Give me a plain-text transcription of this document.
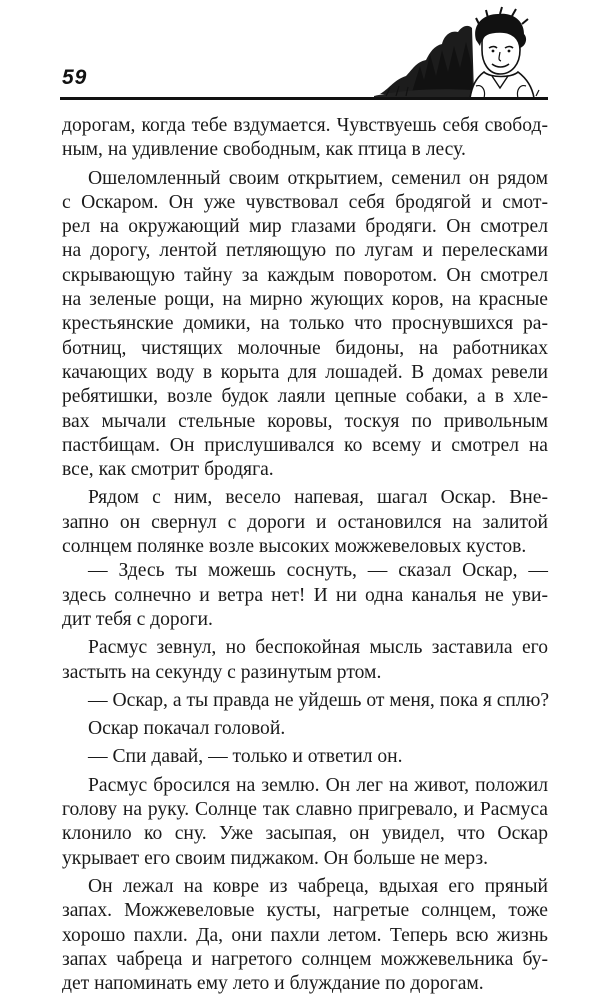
59
дорогам, когда тебе вздумается. Чувствуешь себя свобод-
ным, на удивление свободным, как птица в лесу.
Ошеломленный своим открытием, семенил он рядом
с Оскаром. Он уже чувствовал себя бродягой и смот-
рел на окружающий мир глазами бродяги. Он смотрел
на дорогу, лентой петляющую по лугам и перелесками
скрывающую тайну за каждым поворотом. Он смотрел
на зеленые рощи, на мирно жующих коров, на красные
крестьянские домики, на только что проснувшихся ра-
ботниц, чистящих молочные бидоны, на работниках
качающих воду в корыта для лошадей. В домах ревели
ребятишки, возле будок лаяли цепные собаки, а в хле-
вах мычали стельные коровы, тоскуя по привольным
пастбищам. Он прислушивался ко всему и смотрел на
все, как смотрит бродяга.
Рядом с ним, весело напевая, шагал Оскар. Вне-
запно он свернул с дороги и остановился на залитой
солнцем полянке возле высоких можжевеловых кустов.
— Здесь ты можешь соснуть, — сказал Оскар, —
здесь солнечно и ветра нет! И ни одна каналья не уви-
дит тебя с дороги.
Расмус зевнул, но беспокойная мысль заставила его
застыть на секунду с разинутым ртом.
— Оскар, а ты правда не уйдешь от меня, пока я сплю?
Оскар покачал головой.
— Спи давай, — только и ответил он.
Расмус бросился на землю. Он лег на живот, положил
голову на руку. Солнце так славно пригревало, и Расмуса
клонило ко сну. Уже засыпая, он увидел, что Оскар
укрывает его своим пиджаком. Он больше не мерз.
Он лежал на ковре из чабреца, вдыхая его пряный
запах. Можжевеловые кусты, нагретые солнцем, тоже
хорошо пахли. Да, они пахли летом. Теперь всю жизнь
запах чабреца и нагретого солнцем можжевельника бу-
дет напоминать ему лето и блуждание по дорогам.
